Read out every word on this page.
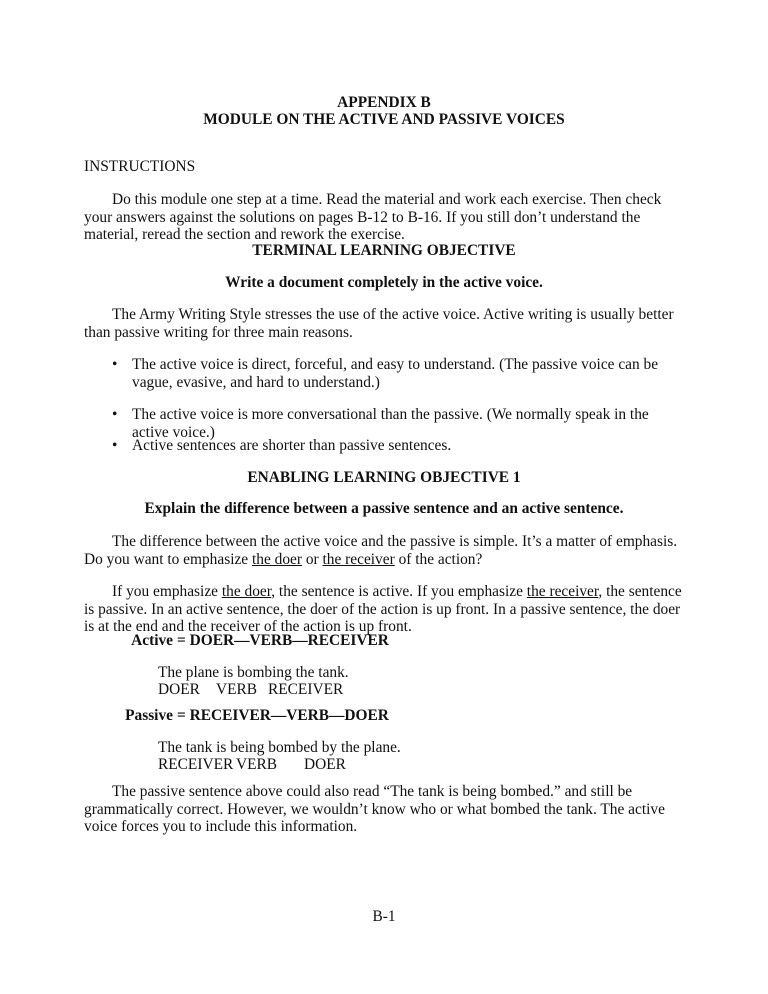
APPENDIX B
MODULE ON THE ACTIVE AND PASSIVE VOICES
INSTRUCTIONS
Do this module one step at a time. Read the material and work each exercise. Then check your answers against the solutions on pages B-12 to B-16. If you still don’t understand the material, reread the section and rework the exercise.
TERMINAL LEARNING OBJECTIVE
Write a document completely in the active voice.
The Army Writing Style stresses the use of the active voice. Active writing is usually better than passive writing for three main reasons.
• The active voice is direct, forceful, and easy to understand. (The passive voice can be vague, evasive, and hard to understand.)
• The active voice is more conversational than the passive. (We normally speak in the active voice.)
• Active sentences are shorter than passive sentences.
ENABLING LEARNING OBJECTIVE 1
Explain the difference between a passive sentence and an active sentence.
The difference between the active voice and the passive is simple. It’s a matter of emphasis. Do you want to emphasize the doer or the receiver of the action?
If you emphasize the doer, the sentence is active. If you emphasize the receiver, the sentence is passive. In an active sentence, the doer of the action is up front. In a passive sentence, the doer is at the end and the receiver of the action is up front.
Active = DOER—VERB—RECEIVER
The plane is bombing the tank.
DOER VERB RECEIVER
Passive = RECEIVER—VERB—DOER
The tank is being bombed by the plane.
RECEIVER VERB DOER
The passive sentence above could also read “The tank is being bombed.” and still be grammatically correct. However, we wouldn’t know who or what bombed the tank. The active voice forces you to include this information.
B-1
